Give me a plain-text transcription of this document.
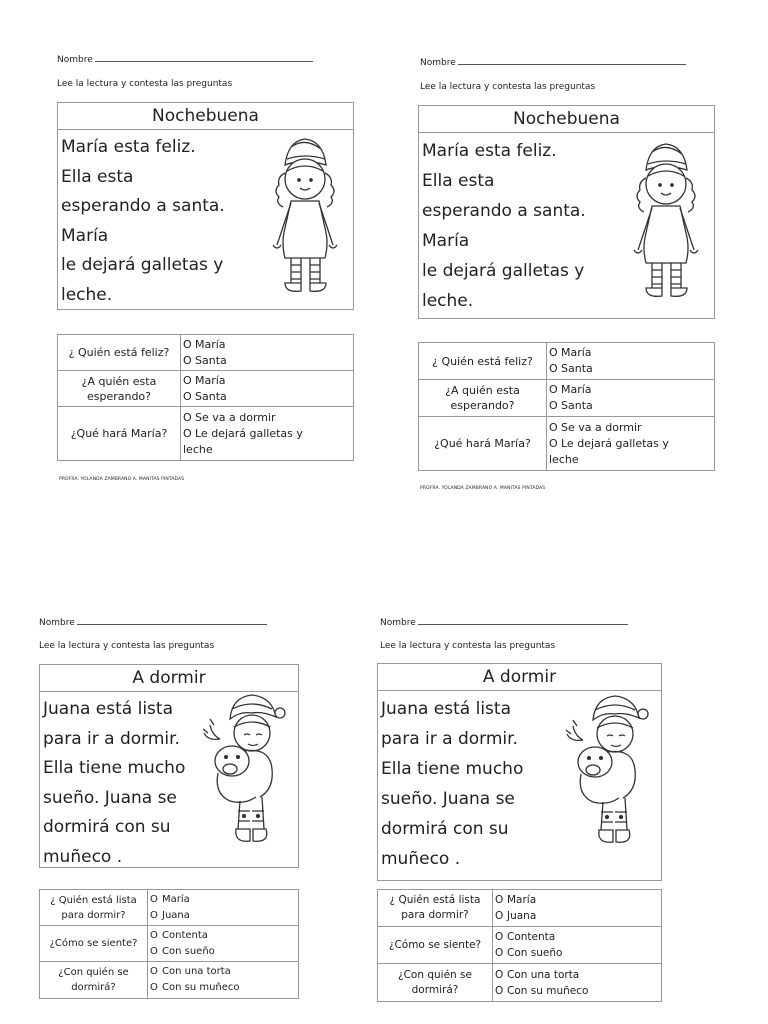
Nombre
Lee la lectura y contesta las preguntas
Nochebuena
María esta feliz.
Ella esta
esperando a santa.
María
le dejará galletas y
leche.
¿ Quién está feliz?	O María
O Santa

¿A quién esta esperando?	O María
O Santa

¿Qué hará María?	O Se va a dormir
O Le dejará galletas y
leche
PROFRA. YOLANDA ZAMBRANO A. MANITAS PINTADAS
Nombre
Lee la lectura y contesta las preguntas
Nochebuena
María esta feliz.
Ella esta
esperando a santa.
María
le dejará galletas y
leche.
¿ Quién está feliz?	O María
O Santa

¿A quién esta esperando?	O María
O Santa

¿Qué hará María?	O Se va a dormir
O Le dejará galletas y
leche
PROFRA. YOLANDA ZAMBRANO A. MANITAS PINTADAS
Nombre
Lee la lectura y contesta las preguntas
A dormir
Juana está lista
para ir a dormir.
Ella tiene mucho
sueño. Juana se
dormirá con su
muñeco .
¿ Quién está lista para dormir?	O María
O Juana

¿Cómo se siente?	O Contenta
O Con sueño

¿Con quién se dormirá?	O Con una torta
O Con su muñeco
Nombre
Lee la lectura y contesta las preguntas
A dormir
Juana está lista
para ir a dormir.
Ella tiene mucho
sueño. Juana se
dormirá con su
muñeco .
¿ Quién está lista para dormir?	O María
O Juana

¿Cómo se siente?	O Contenta
O Con sueño

¿Con quién se dormirá?	O Con una torta
O Con su muñeco
